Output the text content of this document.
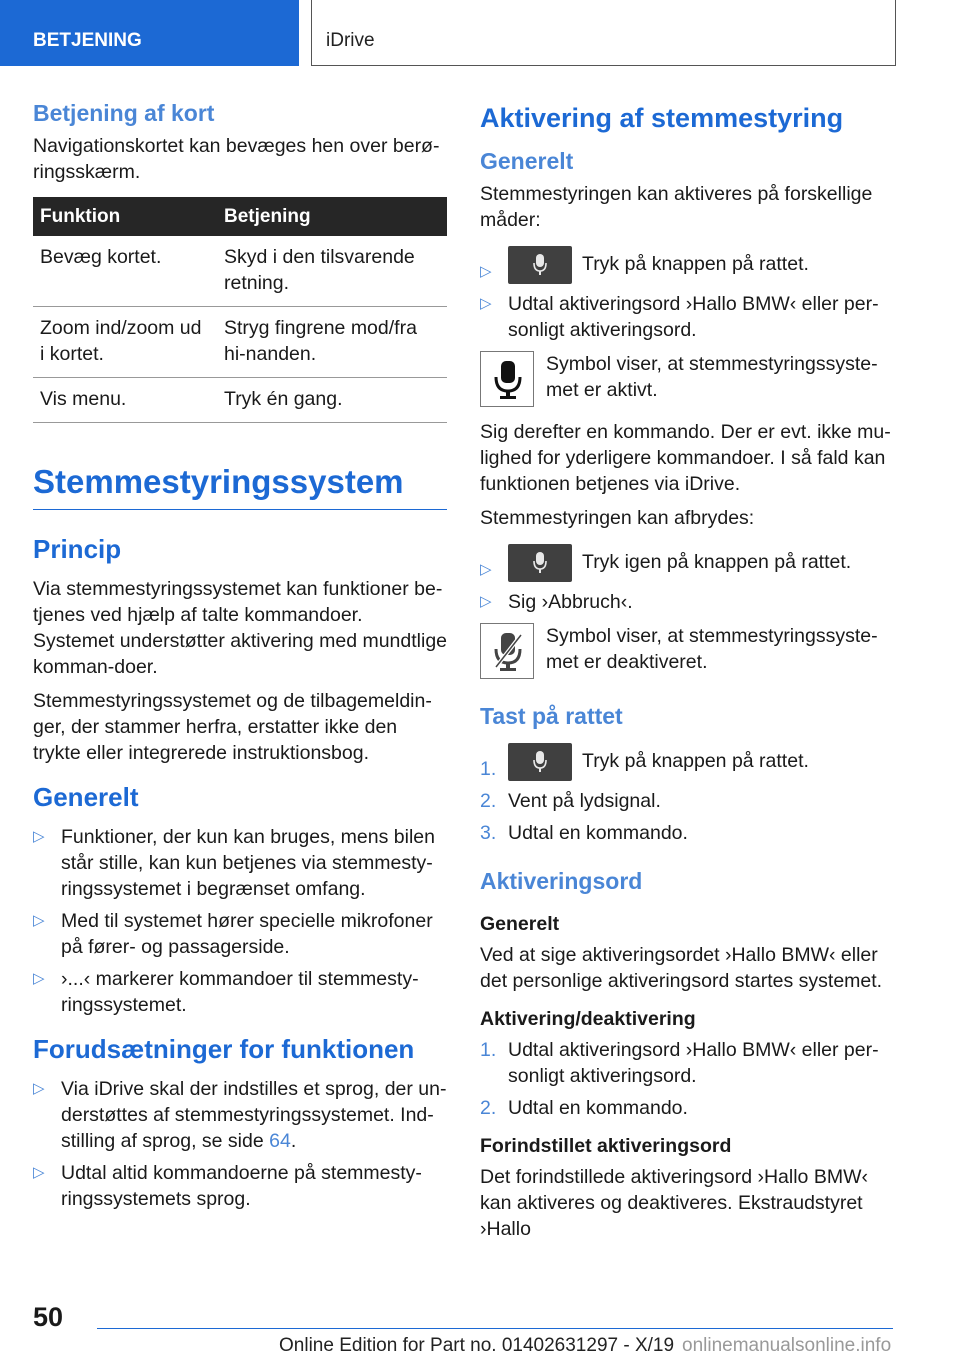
BETJENING	iDrive
Betjening af kort

Navigationskortet kan bevæges hen over berø-ringsskærm.

Funktion	Betjening
Bevæg kortet.	Skyd i den tilsvarende retning.
Zoom ind/zoom ud i kortet.	Stryg fingrene mod/fra hi-nanden.
Vis menu.	Tryk én gang.
Stemmestyringssystem
Princip

Via stemmestyringssystemet kan funktioner be-tjenes ved hjælp af talte kommandoer. Systemet understøtter aktivering med mundtlige komman-doer.

Stemmestyringssystemet og de tilbagemeldin-ger, der stammer herfra, erstatter ikke den trykte eller integrerede instruktionsbog.

Generelt
▷ Funktioner, der kun kan bruges, mens bilen står stille, kan kun betjenes via stemmesty-ringssystemet i begrænset omfang.
▷ Med til systemet hører specielle mikrofoner på fører- og passagerside.
▷ ›...‹ markerer kommandoer til stemmesty-ringssystemet.
Forudsætninger for funktionen
▷ Via iDrive skal der indstilles et sprog, der un-derstøttes af stemmestyringssystemet. Ind-stilling af sprog, se side 64.
▷ Udtal altid kommandoerne på stemmesty-ringssystemets sprog.
Aktivering af stemmestyring
Generelt

Stemmestyringen kan aktiveres på forskellige måder:

▷	Tryk på knappen på rattet.
▷ Udtal aktiveringsord ›Hallo BMW‹ eller per-sonligt aktiveringsord.

Symbol viser, at stemmestyringssyste-met er aktivt.

Sig derefter en kommando. Der er evt. ikke mu-lighed for yderligere kommandoer. I så fald kan funktionen betjenes via iDrive.

Stemmestyringen kan afbrydes:

▷	Tryk igen på knappen på rattet.
▷ Sig ›Abbruch‹.

Symbol viser, at stemmestyringssyste-met er deaktiveret.

Tast på rattet
1.	Tryk på knappen på rattet.
2. Vent på lydsignal.
3. Udtal en kommando.
Aktiveringsord
Generelt

Ved at sige aktiveringsordet ›Hallo BMW‹ eller det personlige aktiveringsord startes systemet.

Aktivering/deaktivering
1. Udtal aktiveringsord ›Hallo BMW‹ eller per-sonligt aktiveringsord.
2. Udtal en kommando.
Forindstillet aktiveringsord

Det forindstillede aktiveringsord ›Hallo BMW‹ kan aktiveres og deaktiveres. Ekstraudstyret ›Hallo

50
Online Edition for Part no. 01402631297 - X/19 onlinemanualsonline.info
